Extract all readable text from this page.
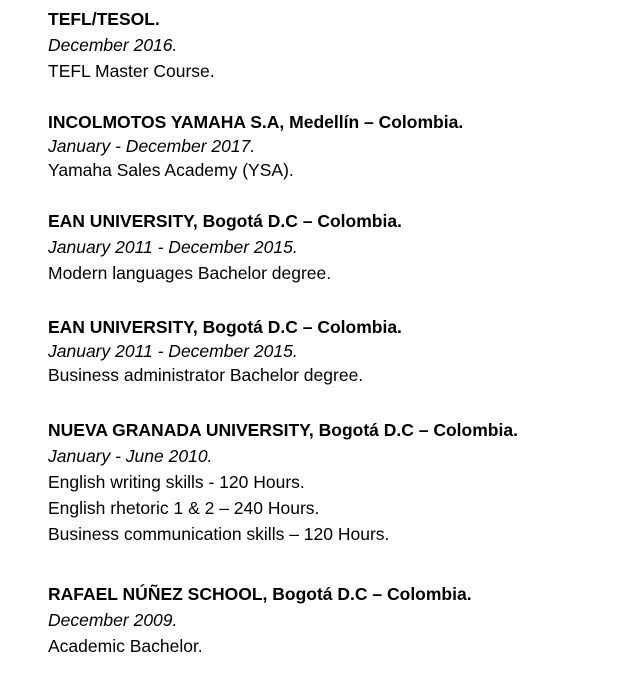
TEFL/TESOL.
December 2016.
TEFL Master Course.
INCOLMOTOS YAMAHA S.A, Medellín – Colombia.
January - December 2017.
Yamaha Sales Academy (YSA).
EAN UNIVERSITY, Bogotá D.C – Colombia.
January 2011 - December 2015.
Modern languages Bachelor degree.
EAN UNIVERSITY, Bogotá D.C – Colombia.
January 2011 - December 2015.
Business administrator Bachelor degree.
NUEVA GRANADA UNIVERSITY, Bogotá D.C – Colombia.
January - June 2010.
English writing skills - 120 Hours.
English rhetoric 1 & 2 – 240 Hours.
Business communication skills – 120 Hours.
RAFAEL NÚÑEZ SCHOOL, Bogotá D.C – Colombia.
December 2009.
Academic Bachelor.
